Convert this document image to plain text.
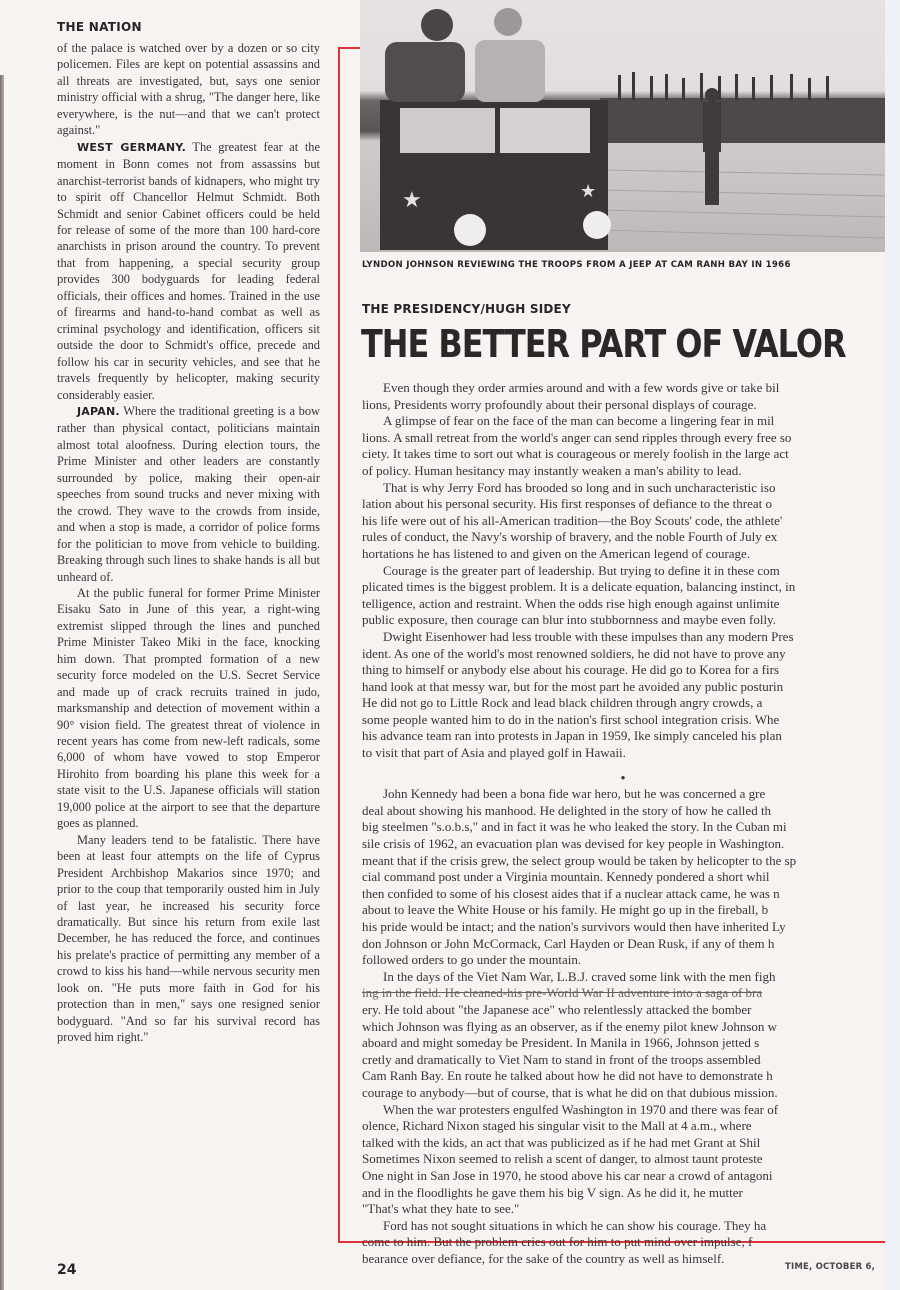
THE NATION

of the palace is watched over by a dozen or so city policemen. Files are kept on potential assassins and all threats are investigated, but, says one senior ministry official with a shrug, "The danger here, like everywhere, is the nut—and that we can't protect against."

WEST GERMANY. The greatest fear at the moment in Bonn comes not from assassins but anarchist-terrorist bands of kidnapers, who might try to spirit off Chancellor Helmut Schmidt. Both Schmidt and senior Cabinet officers could be held for release of some of the more than 100 hard-core anarchists in prison around the country. To prevent that from happening, a special security group provides 300 bodyguards for leading federal officials, their offices and homes. Trained in the use of firearms and hand-to-hand combat as well as criminal psychology and identification, officers sit outside the door to Schmidt's office, precede and follow his car in security vehicles, and see that he travels frequently by helicopter, making security considerably easier.

JAPAN. Where the traditional greeting is a bow rather than physical contact, politicians maintain almost total aloofness. During election tours, the Prime Minister and other leaders are constantly surrounded by police, making their open-air speeches from sound trucks and never mixing with the crowd. They wave to the crowds from inside, and when a stop is made, a corridor of police forms for the politician to move from vehicle to building. Breaking through such lines to shake hands is all but unheard of.

At the public funeral for former Prime Minister Eisaku Sato in June of this year, a right-wing extremist slipped through the lines and punched Prime Minister Takeo Miki in the face, knocking him down. That prompted formation of a new security force modeled on the U.S. Secret Service and made up of crack recruits trained in judo, marksmanship and detection of movement within a 90° vision field. The greatest threat of violence in recent years has come from new-left radicals, some 6,000 of whom have vowed to stop Emperor Hirohito from boarding his plane this week for a state visit to the U.S. Japanese officials will station 19,000 police at the airport to see that the departure goes as planned.

Many leaders tend to be fatalistic. There have been at least four attempts on the life of Cyprus President Archbishop Makarios since 1970; and prior to the coup that temporarily ousted him in July of last year, he increased his security force dramatically. But since his return from exile last December, he has reduced the force, and continues his prelate's practice of permitting any member of a crowd to kiss his hand—while nervous security men look on. "He puts more faith in God for his protection than in men," says one resigned senior bodyguard. "And so far his survival record has proved him right."

24
★	★
LYNDON JOHNSON REVIEWING THE TROOPS FROM A JEEP AT CAM RANH BAY IN 1966
THE PRESIDENCY/HUGH SIDEY
THE BETTER PART OF VALOR
Even though they order armies around and with a few words give or take bil
lions, Presidents worry profoundly about their personal displays of courage.
A glimpse of fear on the face of the man can become a lingering fear in mil
lions. A small retreat from the world's anger can send ripples through every free so
ciety. It takes time to sort out what is courageous or merely foolish in the large act
of policy. Human hesitancy may instantly weaken a man's ability to lead.
That is why Jerry Ford has brooded so long and in such uncharacteristic iso
lation about his personal security. His first responses of defiance to the threat o
his life were out of his all-American tradition—the Boy Scouts' code, the athlete'
rules of conduct, the Navy's worship of bravery, and the noble Fourth of July ex
hortations he has listened to and given on the American legend of courage.
Courage is the greater part of leadership. But trying to define it in these com
plicated times is the biggest problem. It is a delicate equation, balancing instinct, in
telligence, action and restraint. When the odds rise high enough against unlimite
public exposure, then courage can blur into stubbornness and maybe even folly.
Dwight Eisenhower had less trouble with these impulses than any modern Pres
ident. As one of the world's most renowned soldiers, he did not have to prove any
thing to himself or anybody else about his courage. He did go to Korea for a firs
hand look at that messy war, but for the most part he avoided any public posturin
He did not go to Little Rock and lead black children through angry crowds, a
some people wanted him to do in the nation's first school integration crisis. Whe
his advance team ran into protests in Japan in 1959, Ike simply canceled his plan
to visit that part of Asia and played golf in Hawaii.
•
John Kennedy had been a bona fide war hero, but he was concerned a gre
deal about showing his manhood. He delighted in the story of how he called th
big steelmen "s.o.b.s," and in fact it was he who leaked the story. In the Cuban mi
sile crisis of 1962, an evacuation plan was devised for key people in Washington.
meant that if the crisis grew, the select group would be taken by helicopter to the sp
cial command post under a Virginia mountain. Kennedy pondered a short whil
then confided to some of his closest aides that if a nuclear attack came, he was n
about to leave the White House or his family. He might go up in the fireball, b
his pride would be intact; and the nation's survivors would then have inherited Ly
don Johnson or John McCormack, Carl Hayden or Dean Rusk, if any of them h
followed orders to go under the mountain.
In the days of the Viet Nam War, L.B.J. craved some link with the men figh
ing in the field. He cleaned-his pre-World War II adventure into a saga of bra
ery. He told about "the Japanese ace" who relentlessly attacked the bomber
which Johnson was flying as an observer, as if the enemy pilot knew Johnson w
aboard and might someday be President. In Manila in 1966, Johnson jetted s
cretly and dramatically to Viet Nam to stand in front of the troops assembled
Cam Ranh Bay. En route he talked about how he did not have to demonstrate h
courage to anybody—but of course, that is what he did on that dubious mission.
When the war protesters engulfed Washington in 1970 and there was fear of
olence, Richard Nixon staged his singular visit to the Mall at 4 a.m., where
talked with the kids, an act that was publicized as if he had met Grant at Shil
Sometimes Nixon seemed to relish a scent of danger, to almost taunt proteste
One night in San Jose in 1970, he stood above his car near a crowd of antagoni
and in the floodlights he gave them his big V sign. As he did it, he mutter
"That's what they hate to see."
Ford has not sought situations in which he can show his courage. They ha
come to him. But the problem cries out for him to put mind over impulse, f
bearance over defiance, for the sake of the country as well as himself.
TIME, OCTOBER 6,
